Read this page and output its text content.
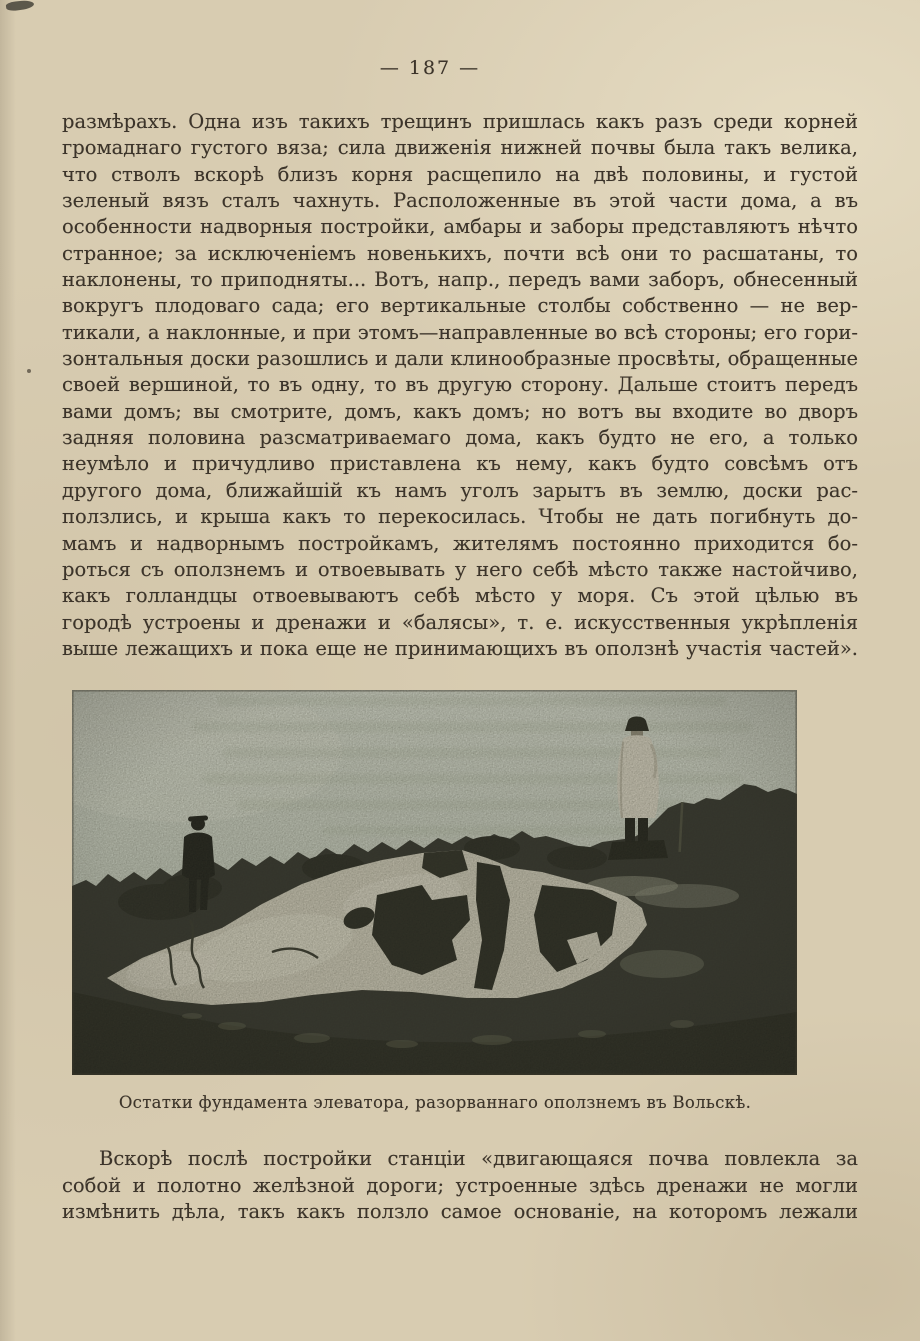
— 187 —
размѣрахъ. Одна изъ такихъ трещинъ пришлась какъ разъ среди корней
громаднаго густого вяза; сила движенія нижней почвы была такъ велика,
что стволъ вскорѣ близъ корня расщепило на двѣ половины, и густой
зеленый вязъ сталъ чахнуть. Расположенные въ этой части дома, а въ
особенности надворныя постройки, амбары и заборы представляютъ нѣчто
странное; за исключеніемъ новенькихъ, почти всѣ они то расшатаны, то
наклонены, то приподняты... Вотъ, напр., передъ вами заборъ, обнесенный
вокругъ плодоваго сада; его вертикальные столбы собственно — не вер-
тикали, а наклонные, и при этомъ—направленные во всѣ стороны; его гори-
зонтальныя доски разошлись и дали клинообразные просвѣты, обращенные
своей вершиной, то въ одну, то въ другую сторону. Дальше стоитъ передъ
вами домъ; вы смотрите, домъ, какъ домъ; но вотъ вы входите во дворъ
задняя половина разсматриваемаго дома, какъ будто не его, а только
неумѣло и причудливо приставлена къ нему, какъ будто совсѣмъ отъ
другого дома, ближайшій къ намъ уголъ зарытъ въ землю, доски рас-
ползлись, и крыша какъ то перекосилась. Чтобы не дать погибнуть до-
мамъ и надворнымъ постройкамъ, жителямъ постоянно приходится бо-
роться съ оползнемъ и отвоевывать у него себѣ мѣсто также настойчиво,
какъ голландцы отвоевываютъ себѣ мѣсто у моря. Съ этой цѣлью въ
городѣ устроены и дренажи и «балясы», т. е. искусственныя укрѣпленія
выше лежащихъ и пока еще не принимающихъ въ оползнѣ участія частей».
Остатки фундамента элеватора, разорваннаго оползнемъ въ Вольскѣ.
Вскорѣ послѣ постройки станціи «двигающаяся почва повлекла за
собой и полотно желѣзной дороги; устроенные здѣсь дренажи не могли
измѣнить дѣла, такъ какъ ползло самое основаніе, на которомъ лежали
